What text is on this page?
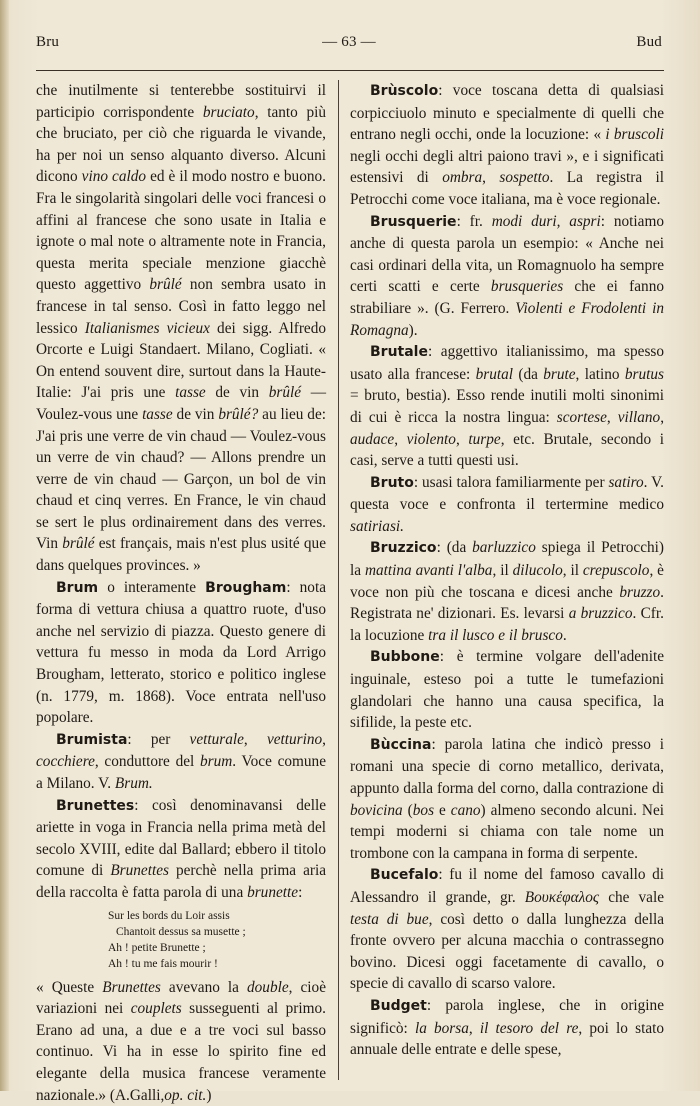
Bru	— 63 —	Bud

che inutilmente si tenterebbe sostituirvi il participio corrispondente bruciato, tanto più che bruciato, per ciò che riguarda le vivande, ha per noi un senso alquanto diverso. Alcuni dicono vino caldo ed è il modo nostro e buono. Fra le singolarità singolari delle voci francesi o affini al francese che sono usate in Italia e ignote o mal note o altramente note in Francia, questa merita speciale menzione giacchè questo aggettivo brûlé non sembra usato in francese in tal senso. Così in fatto leggo nel lessico Italianismes vicieux dei sigg. Alfredo Orcorte e Luigi Standaert. Milano, Cogliati. « On entend souvent dire, surtout dans la Haute-Italie: J'ai pris une tasse de vin brûlé — Voulez-vous une tasse de vin brûlé? au lieu de: J'ai pris une verre de vin chaud — Voulez-vous un verre de vin chaud? — Allons prendre un verre de vin chaud — Garçon, un bol de vin chaud et cinq verres. En France, le vin chaud se sert le plus ordinairement dans des verres. Vin brûlé est français, mais n'est plus usité que dans quelques provinces. »

Brum o interamente Brougham: nota forma di vettura chiusa a quattro ruote, d'uso anche nel servizio di piazza. Questo genere di vettura fu messo in moda da Lord Arrigo Brougham, letterato, storico e politico inglese (n. 1779, m. 1868). Voce entrata nell'uso popolare.

Brumista: per vetturale, vetturino, cocchiere, conduttore del brum. Voce comune a Milano. V. Brum.

Brunettes: così denominavansi delle ariette in voga in Francia nella prima metà del secolo XVIII, edite dal Ballard; ebbero il titolo comune di Brunettes perchè nella prima aria della raccolta è fatta parola di una brunette:

Sur les bords du Loir assis
Chantoit dessus sa musette ;
Ah ! petite Brunette ;
Ah ! tu me fais mourir !

« Queste Brunettes avevano la double, cioè variazioni nei couplets susseguenti al primo. Erano ad una, a due e a tre voci sul basso continuo. Vi ha in esse lo spirito fine ed elegante della musica francese veramente nazionale.» (A.Galli,op. cit.)

Brùscolo: voce toscana detta di qualsiasi corpicciuolo minuto e specialmente di quelli che entrano negli occhi, onde la locuzione: « i bruscoli negli occhi degli altri paiono travi », e i significati estensivi di ombra, sospetto. La registra il Petrocchi come voce italiana, ma è voce regionale.

Brusquerie: fr. modi duri, aspri: notiamo anche di questa parola un esempio: « Anche nei casi ordinari della vita, un Romagnuolo ha sempre certi scatti e certe brusqueries che ei fanno strabiliare ». (G. Ferrero. Violenti e Frodolenti in Romagna).

Brutale: aggettivo italianissimo, ma spesso usato alla francese: brutal (da brute, latino brutus = bruto, bestia). Esso rende inutili molti sinonimi di cui è ricca la nostra lingua: scortese, villano, audace, violento, turpe, etc. Brutale, secondo i casi, serve a tutti questi usi.

Bruto: usasi talora familiarmente per satiro. V. questa voce e confronta il tertermine medico satiriasi.

Bruzzico: (da barluzzico spiega il Petrocchi) la mattina avanti l'alba, il dilucolo, il crepuscolo, è voce non più che toscana e dicesi anche bruzzo. Registrata ne' dizionari. Es. levarsi a bruzzico. Cfr. la locuzione tra il lusco e il brusco.

Bubbone: è termine volgare dell'adenite inguinale, esteso poi a tutte le tumefazioni glandolari che hanno una causa specifica, la sifilide, la peste etc.

Bùccina: parola latina che indicò presso i romani una specie di corno metallico, derivata, appunto dalla forma del corno, dalla contrazione di bovicina (bos e cano) almeno secondo alcuni. Nei tempi moderni si chiama con tale nome un trombone con la campana in forma di serpente.

Bucefalo: fu il nome del famoso cavallo di Alessandro il grande, gr. Βουκέφαλος che vale testa di bue, così detto o dalla lunghezza della fronte ovvero per alcuna macchia o contrassegno bovino. Dicesi oggi facetamente di cavallo, o specie di cavallo di scarso valore.

Budget: parola inglese, che in origine significò: la borsa, il tesoro del re, poi lo stato annuale delle entrate e delle spese,
